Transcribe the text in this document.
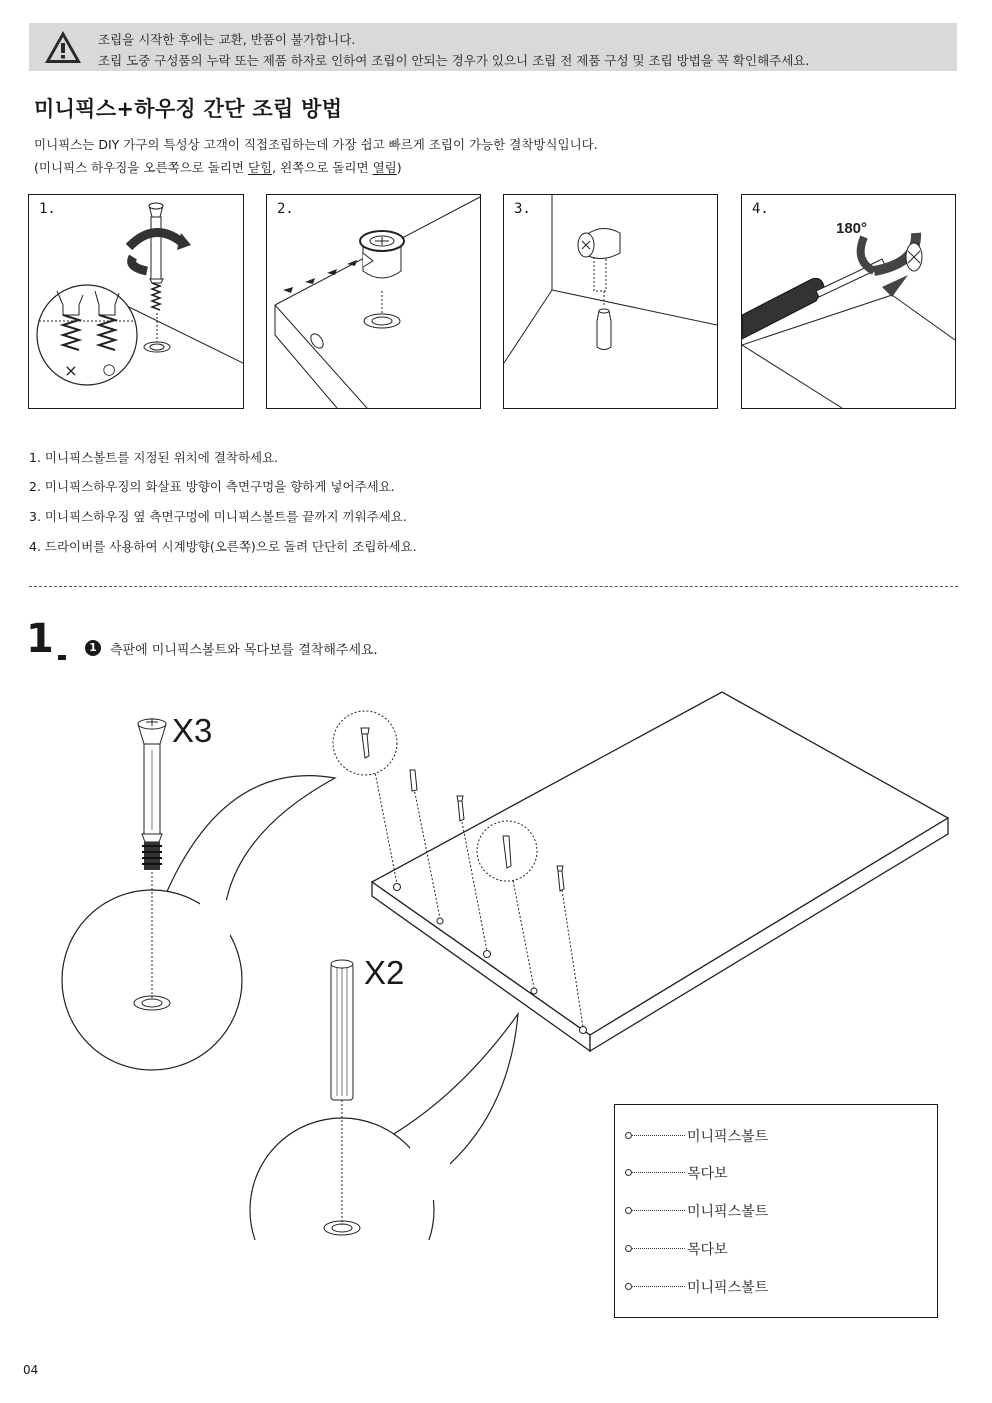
조립을 시작한 후에는 교환, 반품이 불가합니다.
조립 도중 구성품의 누락 또는 제품 하자로 인하여 조립이 안되는 경우가 있으니 조립 전 제품 구성 및 조립 방법을 꼭 확인해주세요.
미니픽스+하우징 간단 조립 방법
미니픽스는 DIY 가구의 특성상 고객이 직접조립하는데 가장 쉽고 빠르게 조립이 가능한 결착방식입니다.
(미니픽스 하우징을 오른쪽으로 돌리면 닫힘, 왼쪽으로 돌리면 열림)
× ○
1.	2.	3.
180°
4.
1. 미니픽스볼트를 지정된 위치에 결착하세요.
2. 미니픽스하우징의 화살표 방향이 측면구멍을 향하게 넣어주세요.
3. 미니픽스하우징 옆 측면구멍에 미니픽스볼트를 끝까지 끼워주세요.
4. 드라이버를 사용하여 시계방향(오른쪽)으로 돌려 단단히 조립하세요.
1	1	측판에 미니픽스볼트와 목다보를 결착해주세요.
X3
X2
미니픽스볼트
목다보
미니픽스볼트
목다보
미니픽스볼트
04
